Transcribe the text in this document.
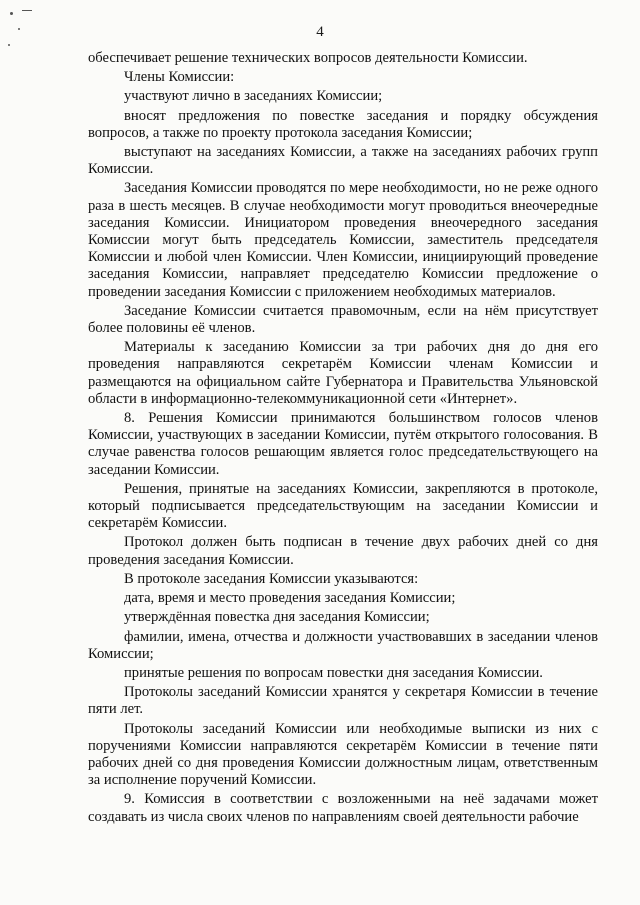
4

обеспечивает решение технических вопросов деятельности Комиссии.

Члены Комиссии:

участвуют лично в заседаниях Комиссии;

вносят предложения по повестке заседания и порядку обсуждения вопросов, а также по проекту протокола заседания Комиссии;

выступают на заседаниях Комиссии, а также на заседаниях рабочих групп Комиссии.

Заседания Комиссии проводятся по мере необходимости, но не реже одного раза в шесть месяцев. В случае необходимости могут проводиться внеочередные заседания Комиссии. Инициатором проведения внеочередного заседания Комиссии могут быть председатель Комиссии, заместитель председателя Комиссии и любой член Комиссии. Член Комиссии, инициирующий проведение заседания Комиссии, направляет председателю Комиссии предложение о проведении заседания Комиссии с приложением необходимых материалов.

Заседание Комиссии считается правомочным, если на нём присутствует более половины её членов.

Материалы к заседанию Комиссии за три рабочих дня до дня его проведения направляются секретарём Комиссии членам Комиссии и размещаются на официальном сайте Губернатора и Правительства Ульяновской области в информационно-телекоммуникационной сети «Интернет».

8. Решения Комиссии принимаются большинством голосов членов Комиссии, участвующих в заседании Комиссии, путём открытого голосования. В случае равенства голосов решающим является голос председательствующего на заседании Комиссии.

Решения, принятые на заседаниях Комиссии, закрепляются в протоколе, который подписывается председательствующим на заседании Комиссии и секретарём Комиссии.

Протокол должен быть подписан в течение двух рабочих дней со дня проведения заседания Комиссии.

В протоколе заседания Комиссии указываются:

дата, время и место проведения заседания Комиссии;

утверждённая повестка дня заседания Комиссии;

фамилии, имена, отчества и должности участвовавших в заседании членов Комиссии;

принятые решения по вопросам повестки дня заседания Комиссии.

Протоколы заседаний Комиссии хранятся у секретаря Комиссии в течение пяти лет.

Протоколы заседаний Комиссии или необходимые выписки из них с поручениями Комиссии направляются секретарём Комиссии в течение пяти рабочих дней со дня проведения Комиссии должностным лицам, ответственным за исполнение поручений Комиссии.

9. Комиссия в соответствии с возложенными на неё задачами может создавать из числа своих членов по направлениям своей деятельности рабочие
